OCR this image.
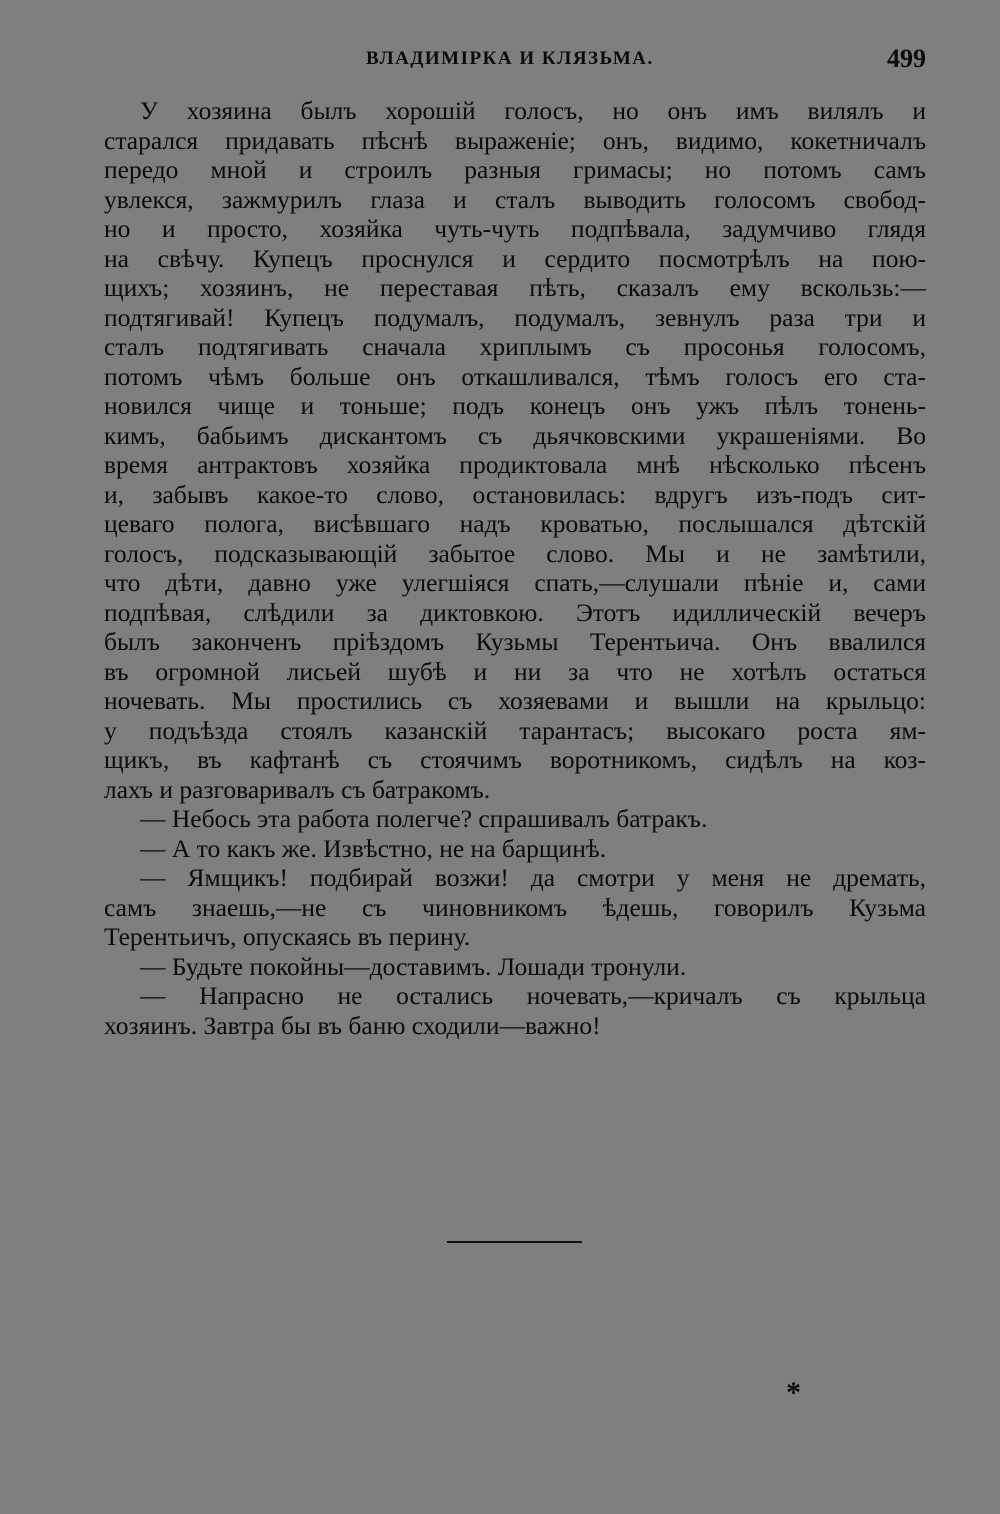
ВЛАДИМІРКА И КЛЯЗЬМА.	499
У хозяина былъ хорошій голосъ, но онъ имъ вилялъ и
старался придавать пѣснѣ выраженіе; онъ, видимо, кокетничалъ
передо мной и строилъ разныя гримасы; но потомъ самъ
увлекся, зажмурилъ глаза и сталъ выводить голосомъ свобод-
но и просто, хозяйка чуть-чуть подпѣвала, задумчиво глядя
на свѣчу. Купецъ проснулся и сердито посмотрѣлъ на пою-
щихъ; хозяинъ, не переставая пѣть, сказалъ ему вскользь:—
подтягивай! Купецъ подумалъ, подумалъ, зевнулъ раза три и
сталъ подтягивать сначала хриплымъ съ просонья голосомъ,
потомъ чѣмъ больше онъ откашливался, тѣмъ голосъ его ста-
новился чище и тоньше; подъ конецъ онъ ужъ пѣлъ тонень-
кимъ, бабьимъ дискантомъ съ дьячковскими украшеніями. Во
время антрактовъ хозяйка продиктовала мнѣ нѣсколько пѣсенъ
и, забывъ какое-то слово, остановилась: вдругъ изъ-подъ сит-
цеваго полога, висѣвшаго надъ кроватью, послышался дѣтскій
голосъ, подсказывающій забытое слово. Мы и не замѣтили,
что дѣти, давно уже улегшіяся спать,—слушали пѣніе и, сами
подпѣвая, слѣдили за диктовкою. Этотъ идиллическій вечеръ
былъ законченъ пріѣздомъ Кузьмы Терентьича. Онъ ввалился
въ огромной лисьей шубѣ и ни за что не хотѣлъ остаться
ночевать. Мы простились съ хозяевами и вышли на крыльцо:
у подъѣзда стоялъ казанскій тарантасъ; высокаго роста ям-
щикъ, въ кафтанѣ съ стоячимъ воротникомъ, сидѣлъ на коз-
лахъ и разговаривалъ съ батракомъ.
— Небось эта работа полегче? спрашивалъ батракъ.
— А то какъ же. Извѣстно, не на барщинѣ.
— Ямщикъ! подбирай возжи! да смотри у меня не дремать,
самъ знаешь,—не съ чиновникомъ ѣдешь, говорилъ Кузьма
Терентьичъ, опускаясь въ перину.
— Будьте покойны—доставимъ. Лошади тронули.
— Напрасно не остались ночевать,—кричалъ съ крыльца
хозяинъ. Завтра бы въ баню сходили—важно!
*
